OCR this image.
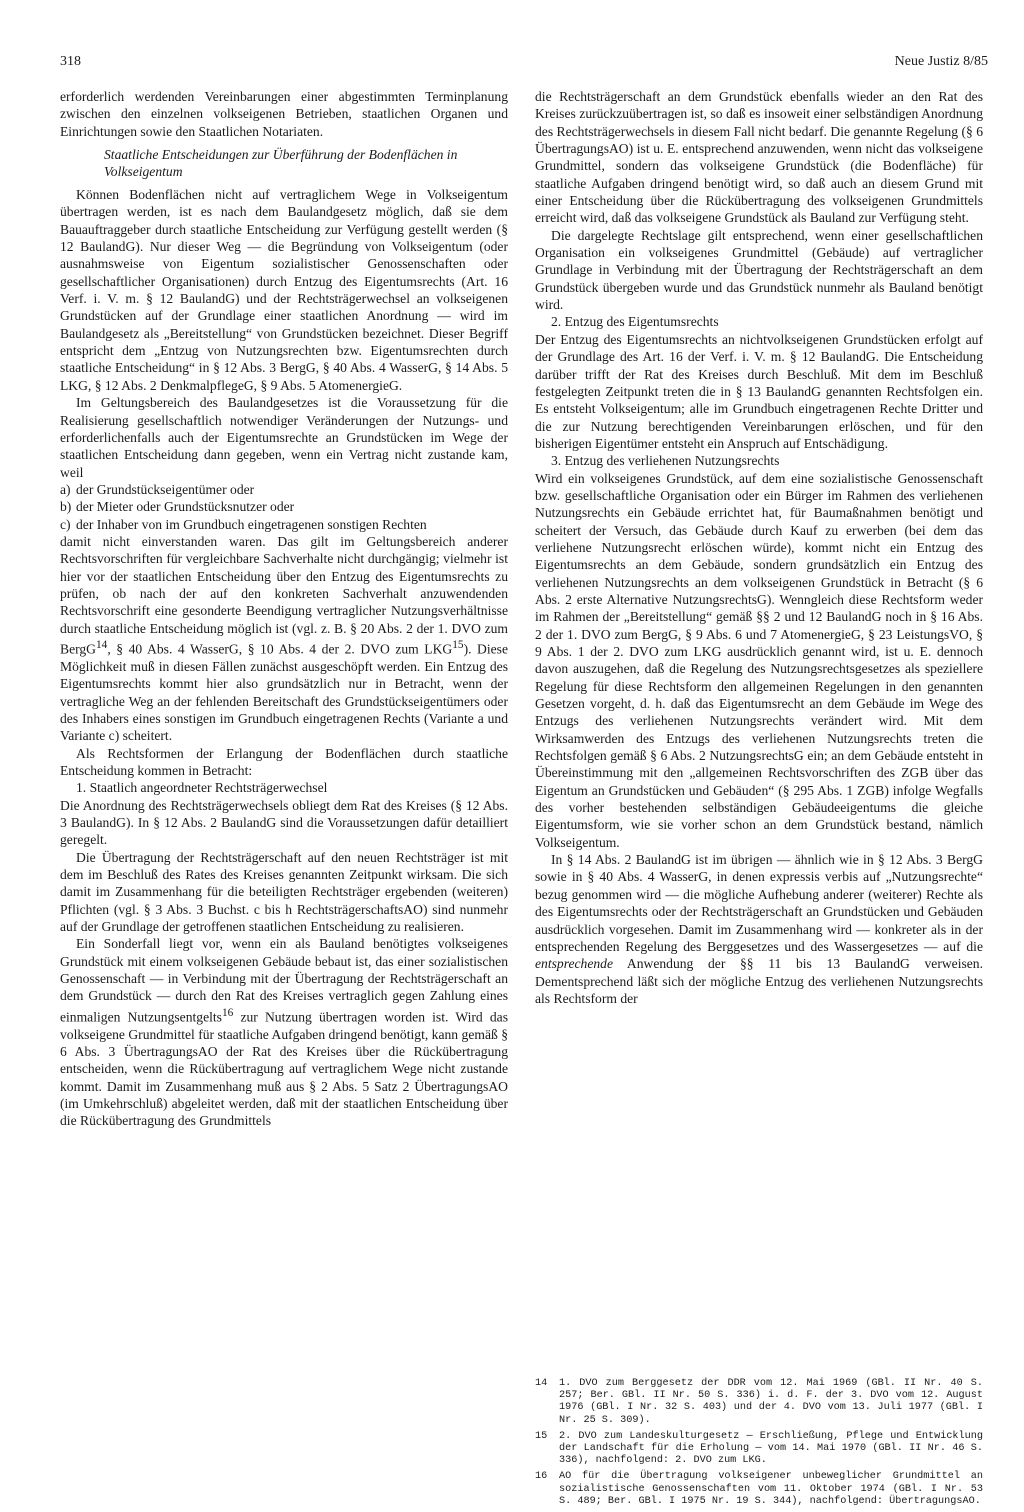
318	Neue Justiz 8/85

erforderlich werdenden Vereinbarungen einer abgestimmten Terminplanung zwischen den einzelnen volkseigenen Betrieben, staatlichen Organen und Einrichtungen sowie den Staatlichen Notariaten.

Staatliche Entscheidungen zur Überführung der Bodenflächen in Volkseigentum

Können Bodenflächen nicht auf vertraglichem Wege in Volkseigentum übertragen werden, ist es nach dem Baulandgesetz möglich, daß sie dem Bauauftraggeber durch staatliche Entscheidung zur Verfügung gestellt werden (§ 12 BaulandG). Nur dieser Weg — die Begründung von Volkseigentum (oder ausnahmsweise von Eigentum sozialistischer Genossenschaften oder gesellschaftlicher Organisationen) durch Entzug des Eigentumsrechts (Art. 16 Verf. i. V. m. § 12 BaulandG) und der Rechtsträgerwechsel an volkseigenen Grundstücken auf der Grundlage einer staatlichen Anordnung — wird im Baulandgesetz als „Bereitstellung“ von Grundstücken bezeichnet. Dieser Begriff entspricht dem „Entzug von Nutzungsrechten bzw. Eigentumsrechten durch staatliche Entscheidung“ in § 12 Abs. 3 BergG, § 40 Abs. 4 WasserG, § 14 Abs. 5 LKG, § 12 Abs. 2 DenkmalpflegeG, § 9 Abs. 5 AtomenergieG.

Im Geltungsbereich des Baulandgesetzes ist die Voraussetzung für die Realisierung gesellschaftlich notwendiger Veränderungen der Nutzungs- und erforderlichenfalls auch der Eigentumsrechte an Grundstücken im Wege der staatlichen Entscheidung dann gegeben, wenn ein Vertrag nicht zustande kam, weil

a) der Grundstückseigentümer oder
b) der Mieter oder Grundstücksnutzer oder
c) der Inhaber von im Grundbuch eingetragenen sonstigen Rechten

damit nicht einverstanden waren. Das gilt im Geltungsbereich anderer Rechtsvorschriften für vergleichbare Sachverhalte nicht durchgängig; vielmehr ist hier vor der staatlichen Entscheidung über den Entzug des Eigentumsrechts zu prüfen, ob nach der auf den konkreten Sachverhalt anzuwendenden Rechtsvorschrift eine gesonderte Beendigung vertraglicher Nutzungsverhältnisse durch staatliche Entscheidung möglich ist (vgl. z. B. § 20 Abs. 2 der 1. DVO zum BergG$^{14}$, § 40 Abs. 4 WasserG, § 10 Abs. 4 der 2. DVO zum LKG$^{15}$). Diese Möglichkeit muß in diesen Fällen zunächst ausgeschöpft werden. Ein Entzug des Eigentumsrechts kommt hier also grundsätzlich nur in Betracht, wenn der vertragliche Weg an der fehlenden Bereitschaft des Grundstückseigentümers oder des Inhabers eines sonstigen im Grundbuch eingetragenen Rechts (Variante a und Variante c) scheitert.

Als Rechtsformen der Erlangung der Bodenflächen durch staatliche Entscheidung kommen in Betracht:

1. Staatlich angeordneter Rechtsträgerwechsel

Die Anordnung des Rechtsträgerwechsels obliegt dem Rat des Kreises (§ 12 Abs. 3 BaulandG). In § 12 Abs. 2 BaulandG sind die Voraussetzungen dafür detailliert geregelt.

Die Übertragung der Rechtsträgerschaft auf den neuen Rechtsträger ist mit dem im Beschluß des Rates des Kreises genannten Zeitpunkt wirksam. Die sich damit im Zusammenhang für die beteiligten Rechtsträger ergebenden (weiteren) Pflichten (vgl. § 3 Abs. 3 Buchst. c bis h RechtsträgerschaftsAO) sind nunmehr auf der Grundlage der getroffenen staatlichen Entscheidung zu realisieren.

Ein Sonderfall liegt vor, wenn ein als Bauland benötigtes volkseigenes Grundstück mit einem volkseigenen Gebäude bebaut ist, das einer sozialistischen Genossenschaft — in Verbindung mit der Übertragung der Rechtsträgerschaft an dem Grundstück — durch den Rat des Kreises vertraglich gegen Zahlung eines einmaligen Nutzungsentgelts$^{16}$ zur Nutzung übertragen worden ist. Wird das volkseigene Grundmittel für staatliche Aufgaben dringend benötigt, kann gemäß § 6 Abs. 3 ÜbertragungsAO der Rat des Kreises über die Rückübertragung entscheiden, wenn die Rückübertragung auf vertraglichem Wege nicht zustande kommt. Damit im Zusammenhang muß aus § 2 Abs. 5 Satz 2 ÜbertragungsAO (im Umkehrschluß) abgeleitet werden, daß mit der staatlichen Entscheidung über die Rückübertragung des Grundmittels

die Rechtsträgerschaft an dem Grundstück ebenfalls wieder an den Rat des Kreises zurückzuübertragen ist, so daß es insoweit einer selbständigen Anordnung des Rechtsträgerwechsels in diesem Fall nicht bedarf. Die genannte Regelung (§ 6 ÜbertragungsAO) ist u. E. entsprechend anzuwenden, wenn nicht das volkseigene Grundmittel, sondern das volkseigene Grundstück (die Bodenfläche) für staatliche Aufgaben dringend benötigt wird, so daß auch an diesem Grund mit einer Entscheidung über die Rückübertragung des volkseigenen Grundmittels erreicht wird, daß das volkseigene Grundstück als Bauland zur Verfügung steht.

Die dargelegte Rechtslage gilt entsprechend, wenn einer gesellschaftlichen Organisation ein volkseigenes Grundmittel (Gebäude) auf vertraglicher Grundlage in Verbindung mit der Übertragung der Rechtsträgerschaft an dem Grundstück übergeben wurde und das Grundstück nunmehr als Bauland benötigt wird.

2. Entzug des Eigentumsrechts

Der Entzug des Eigentumsrechts an nichtvolkseigenen Grundstücken erfolgt auf der Grundlage des Art. 16 der Verf. i. V. m. § 12 BaulandG. Die Entscheidung darüber trifft der Rat des Kreises durch Beschluß. Mit dem im Beschluß festgelegten Zeitpunkt treten die in § 13 BaulandG genannten Rechtsfolgen ein. Es entsteht Volkseigentum; alle im Grundbuch eingetragenen Rechte Dritter und die zur Nutzung berechtigenden Vereinbarungen erlöschen, und für den bisherigen Eigentümer entsteht ein Anspruch auf Entschädigung.

3. Entzug des verliehenen Nutzungsrechts

Wird ein volkseigenes Grundstück, auf dem eine sozialistische Genossenschaft bzw. gesellschaftliche Organisation oder ein Bürger im Rahmen des verliehenen Nutzungsrechts ein Gebäude errichtet hat, für Baumaßnahmen benötigt und scheitert der Versuch, das Gebäude durch Kauf zu erwerben (bei dem das verliehene Nutzungsrecht erlöschen würde), kommt nicht ein Entzug des Eigentumsrechts an dem Gebäude, sondern grundsätzlich ein Entzug des verliehenen Nutzungsrechts an dem volkseigenen Grundstück in Betracht (§ 6 Abs. 2 erste Alternative NutzungsrechtsG). Wenngleich diese Rechtsform weder im Rahmen der „Bereitstellung“ gemäß §§ 2 und 12 BaulandG noch in § 16 Abs. 2 der 1. DVO zum BergG, § 9 Abs. 6 und 7 AtomenergieG, § 23 LeistungsVO, § 9 Abs. 1 der 2. DVO zum LKG ausdrücklich genannt wird, ist u. E. dennoch davon auszugehen, daß die Regelung des Nutzungsrechtsgesetzes als speziellere Regelung für diese Rechtsform den allgemeinen Regelungen in den genannten Gesetzen vorgeht, d. h. daß das Eigentumsrecht an dem Gebäude im Wege des Entzugs des verliehenen Nutzungsrechts verändert wird. Mit dem Wirksamwerden des Entzugs des verliehenen Nutzungsrechts treten die Rechtsfolgen gemäß § 6 Abs. 2 NutzungsrechtsG ein; an dem Gebäude entsteht in Übereinstimmung mit den „allgemeinen Rechtsvorschriften des ZGB über das Eigentum an Grundstücken und Gebäuden“ (§ 295 Abs. 1 ZGB) infolge Wegfalls des vorher bestehenden selbständigen Gebäudeeigentums die gleiche Eigentumsform, wie sie vorher schon an dem Grundstück bestand, nämlich Volkseigentum.

In § 14 Abs. 2 BaulandG ist im übrigen — ähnlich wie in § 12 Abs. 3 BergG sowie in § 40 Abs. 4 WasserG, in denen expressis verbis auf „Nutzungsrechte“ bezug genommen wird — die mögliche Aufhebung anderer (weiterer) Rechte als des Eigentumsrechts oder der Rechtsträgerschaft an Grundstücken und Gebäuden ausdrücklich vorgesehen. Damit im Zusammenhang wird — konkreter als in der entsprechenden Regelung des Berggesetzes und des Wassergesetzes — auf die entsprechende Anwendung der §§ 11 bis 13 BaulandG verweisen. Dementsprechend läßt sich der mögliche Entzug des verliehenen Nutzungsrechts als Rechtsform der

14	1. DVO zum Berggesetz der DDR vom 12. Mai 1969 (GBl. II Nr. 40 S. 257; Ber. GBl. II Nr. 50 S. 336) i. d. F. der 3. DVO vom 12. August 1976 (GBl. I Nr. 32 S. 403) und der 4. DVO vom 13. Juli 1977 (GBl. I Nr. 25 S. 309).
15	2. DVO zum Landeskulturgesetz — Erschließung, Pflege und Entwicklung der Landschaft für die Erholung — vom 14. Mai 1970 (GBl. II Nr. 46 S. 336), nachfolgend: 2. DVO zum LKG.
16	AO für die Übertragung volkseigener unbeweglicher Grundmittel an sozialistische Genossenschaften vom 11. Oktober 1974 (GBl. I Nr. 53 S. 489; Ber. GBl. I 1975 Nr. 19 S. 344), nachfolgend: ÜbertragungsAO.
